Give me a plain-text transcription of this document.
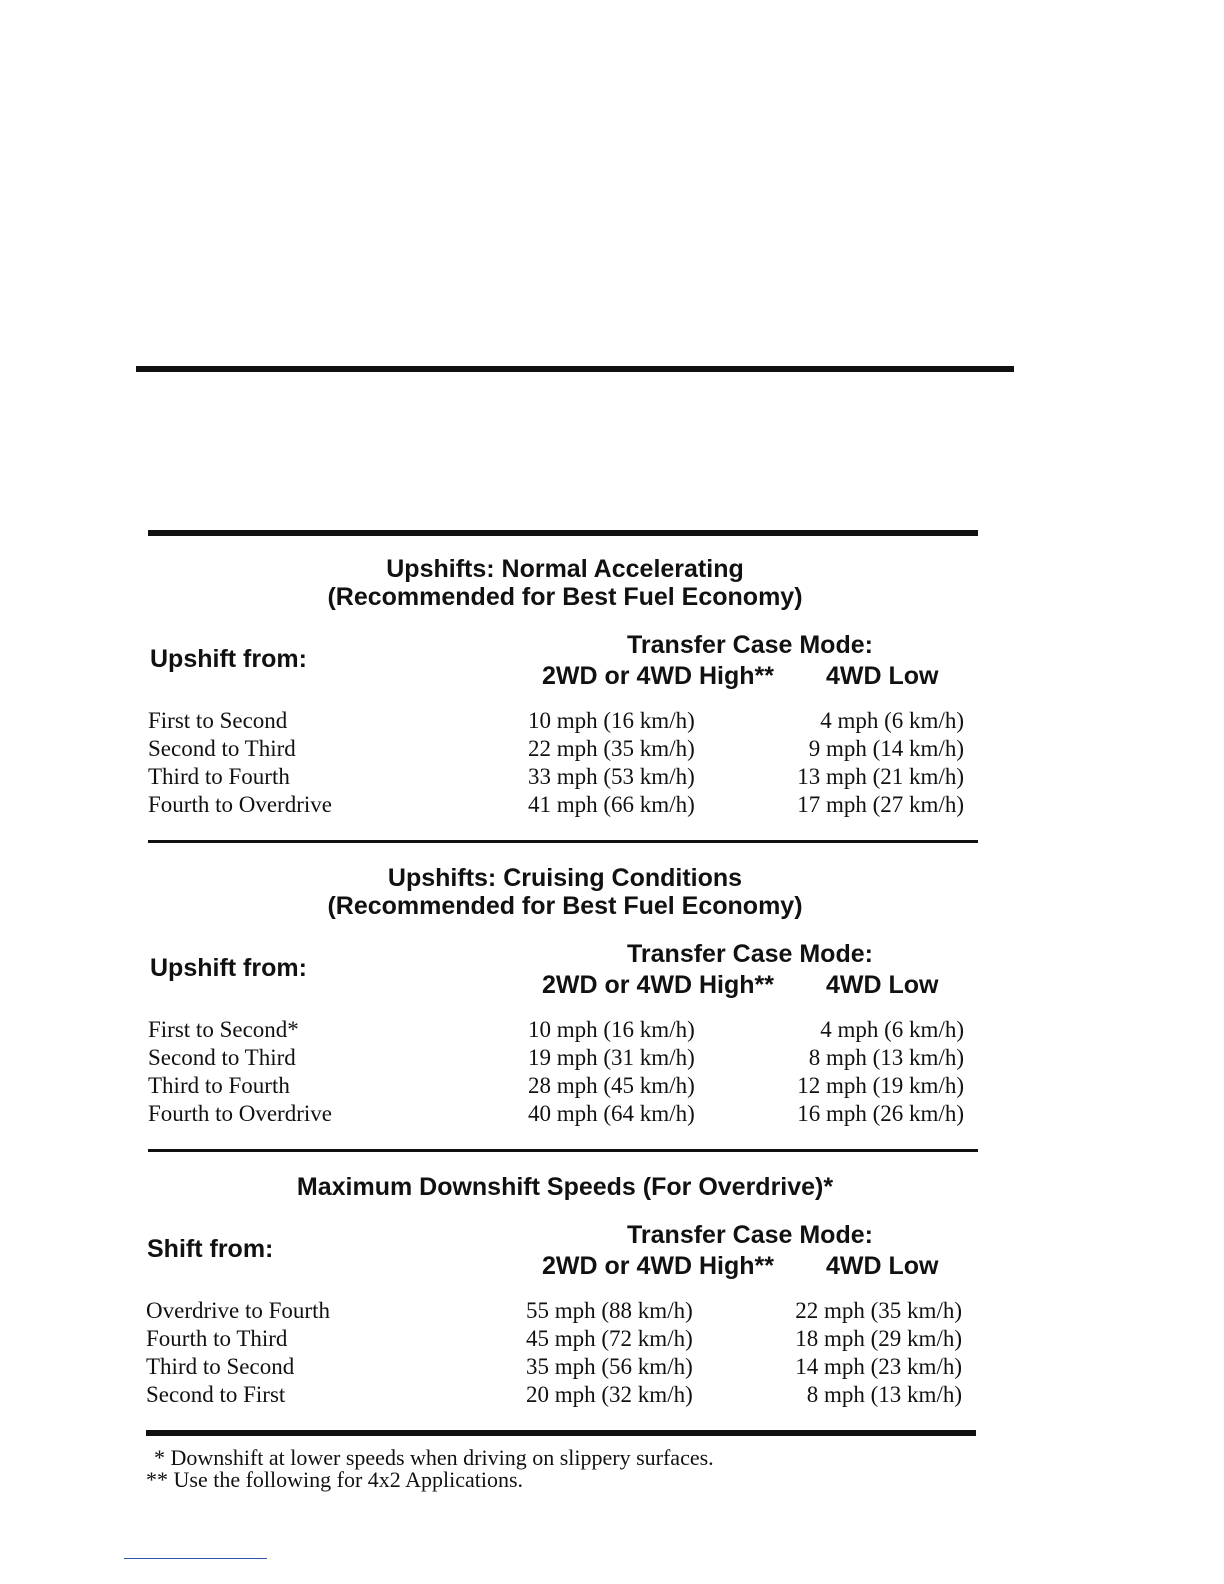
Upshifts: Normal Accelerating
(Recommended for Best Fuel Economy)
Upshift from:	Transfer Case Mode:
2WD or 4WD High** 4WD Low
First to Second	10 mph (16 km/h)	4 mph (6 km/h)
Second to Third	22 mph (35 km/h)	9 mph (14 km/h)
Third to Fourth	33 mph (53 km/h)	13 mph (21 km/h)
Fourth to Overdrive	41 mph (66 km/h)	17 mph (27 km/h)
Upshifts: Cruising Conditions
(Recommended for Best Fuel Economy)
Upshift from:	Transfer Case Mode:
2WD or 4WD High** 4WD Low
First to Second*	10 mph (16 km/h)	4 mph (6 km/h)
Second to Third	19 mph (31 km/h)	8 mph (13 km/h)
Third to Fourth	28 mph (45 km/h)	12 mph (19 km/h)
Fourth to Overdrive	40 mph (64 km/h)	16 mph (26 km/h)
Maximum Downshift Speeds (For Overdrive)*
Shift from:	Transfer Case Mode:
2WD or 4WD High** 4WD Low
Overdrive to Fourth	55 mph (88 km/h)	22 mph (35 km/h)
Fourth to Third	45 mph (72 km/h)	18 mph (29 km/h)
Third to Second	35 mph (56 km/h)	14 mph (23 km/h)
Second to First	20 mph (32 km/h)	8 mph (13 km/h)
* Downshift at lower speeds when driving on slippery surfaces.
** Use the following for 4x2 Applications.
